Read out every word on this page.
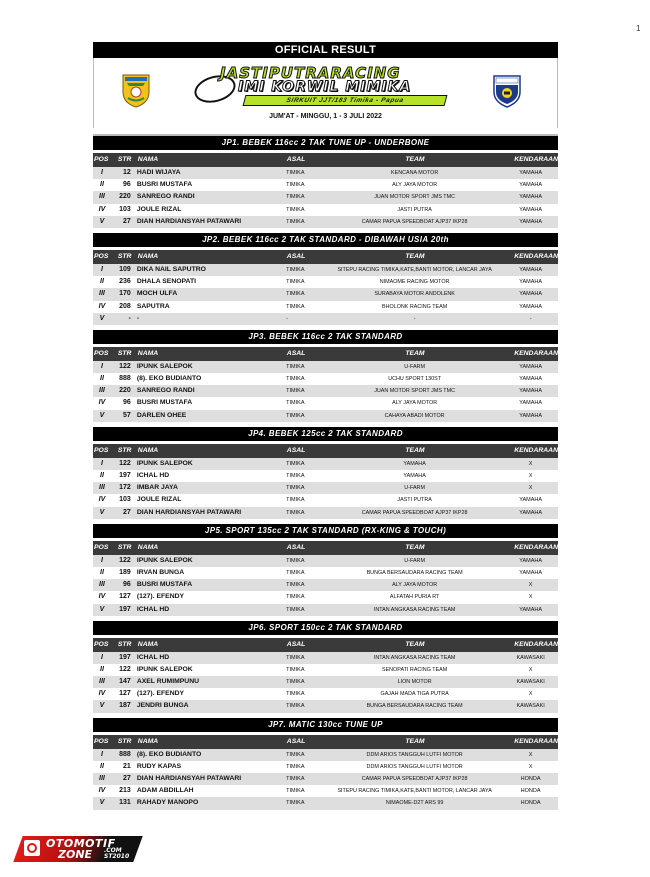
1
OFFICIAL RESULT
JASTIPUTRARACING
IMI KORWIL MIMIKA
SIRKUIT JJT/183 Timika - Papua
JUM'AT - MINGGU, 1 - 3 JULI 2022
JP1. BEBEK 116cc 2 TAK TUNE UP - UNDERBONE
POS	STR NAMA	ASAL	TEAM	KENDARAAN
I	12 HADI WIJAYA	TIMIKA	KENCANA MOTOR	YAMAHA
II	96 BUSRI MUSTAFA	TIMIKA	ALY JAYA MOTOR	YAMAHA
III	220 SANREGO RANDI	TIMIKA	JUAN MOTOR SPORT JMS TMC	YAMAHA
IV	103 JOULE RIZAL	TIMIKA	JASTI PUTRA	YAMAHA
V	27 DIAN HARDIANSYAH PATAWARI	TIMIKA	CAMAR PAPUA SPEEDBOAT AJP37 IKP28	YAMAHA
JP2. BEBEK 116cc 2 TAK STANDARD - DIBAWAH USIA 20th
POS	STR NAMA	ASAL	TEAM	KENDARAAN
I	109 DIKA NAIL SAPUTRO	TIMIKA	SITEPU RACING TIMIKA,KATE,BANTI MOTOR, LANCAR JAYA	YAMAHA
II	236 DHALA SENOPATI	TIMIKA	NIMAOME RACING MOTOR	YAMAHA
III	170 MOCH ULFA	TIMIKA	SURABAYA MOTOR ANDOLENK	YAMAHA
IV	208 SAPUTRA	TIMIKA	BHOLONK RACING TEAM	YAMAHA
V	- -	-	-	-
JP3. BEBEK 116cc 2 TAK STANDARD
POS	STR NAMA	ASAL	TEAM	KENDARAAN
I	122 IPUNK SALEPOK	TIMIKA	U-FARM	YAMAHA
II	888 (8). EKO BUDIANTO	TIMIKA	UCHU SPORT 130ST	YAMAHA
III	220 SANREGO RANDI	TIMIKA	JUAN MOTOR SPORT JMS TMC	YAMAHA
IV	96 BUSRI MUSTAFA	TIMIKA	ALY JAYA MOTOR	YAMAHA
V	57 DARLEN OHEE	TIMIKA	CAHAYA ABADI MOTOR	YAMAHA
JP4. BEBEK 125cc 2 TAK STANDARD
POS	STR NAMA	ASAL	TEAM	KENDARAAN
I	122 IPUNK SALEPOK	TIMIKA	YAMAHA	X
II	197 ICHAL HD	TIMIKA	YAMAHA	X
III	172 IMBAR JAYA	TIMIKA	U-FARM	X
IV	103 JOULE RIZAL	TIMIKA	JASTI PUTRA	YAMAHA
V	27 DIAN HARDIANSYAH PATAWARI	TIMIKA	CAMAR PAPUA SPEEDBOAT AJP37 IKP28	YAMAHA
JP5. SPORT 135cc 2 TAK STANDARD (RX-KING & TOUCH)
POS	STR NAMA	ASAL	TEAM	KENDARAAN
I	122 IPUNK SALEPOK	TIMIKA	U-FARM	YAMAHA
II	189 IRVAN BUNGA	TIMIKA	BUNGA BERSAUDARA RACING TEAM	YAMAHA
III	96 BUSRI MUSTAFA	TIMIKA	ALY JAYA MOTOR	X
IV	127 (127). EFENDY	TIMIKA	ALFATAH PURIA RT	X
V	197 ICHAL HD	TIMIKA	INTAN ANGKASA RACING TEAM	YAMAHA
JP6. SPORT 150cc 2 TAK STANDARD
POS	STR NAMA	ASAL	TEAM	KENDARAAN
I	197 ICHAL HD	TIMIKA	INTAN ANGKASA RACING TEAM	KAWASAKI
II	122 IPUNK SALEPOK	TIMIKA	SENOPATI RACING TEAM	X
III	147 AXEL RUMIMPUNU	TIMIKA	LION MOTOR	KAWASAKI
IV	127 (127). EFENDY	TIMIKA	GAJAH MADA TIGA PUTRA	X
V	187 JENDRI BUNGA	TIMIKA	BUNGA BERSAUDARA RACING TEAM	KAWASAKI
JP7. MATIC 130cc TUNE UP
POS	STR NAMA	ASAL	TEAM	KENDARAAN
I	888 (8). EKO BUDIANTO	TIMIKA	DDM ARIOS TANGGUH LUTFI MOTOR	X
II	21 RUDY KAPAS	TIMIKA	DDM ARIOS TANGGUH LUTFI MOTOR	X
III	27 DIAN HARDIANSYAH PATAWARI	TIMIKA	CAMAR PAPUA SPEEDBOAT AJP37 IKP28	HONDA
IV	213 ADAM ABDILLAH	TIMIKA	SITEPU RACING TIMIKA,KATE,BANTI MOTOR, LANCAR JAYA	HONDA
V	131 RAHADY MANOPO	TIMIKA	NIMAOME-D2T ARS 99	HONDA
OTOMOTIF
ZONE .COM
ST2010
